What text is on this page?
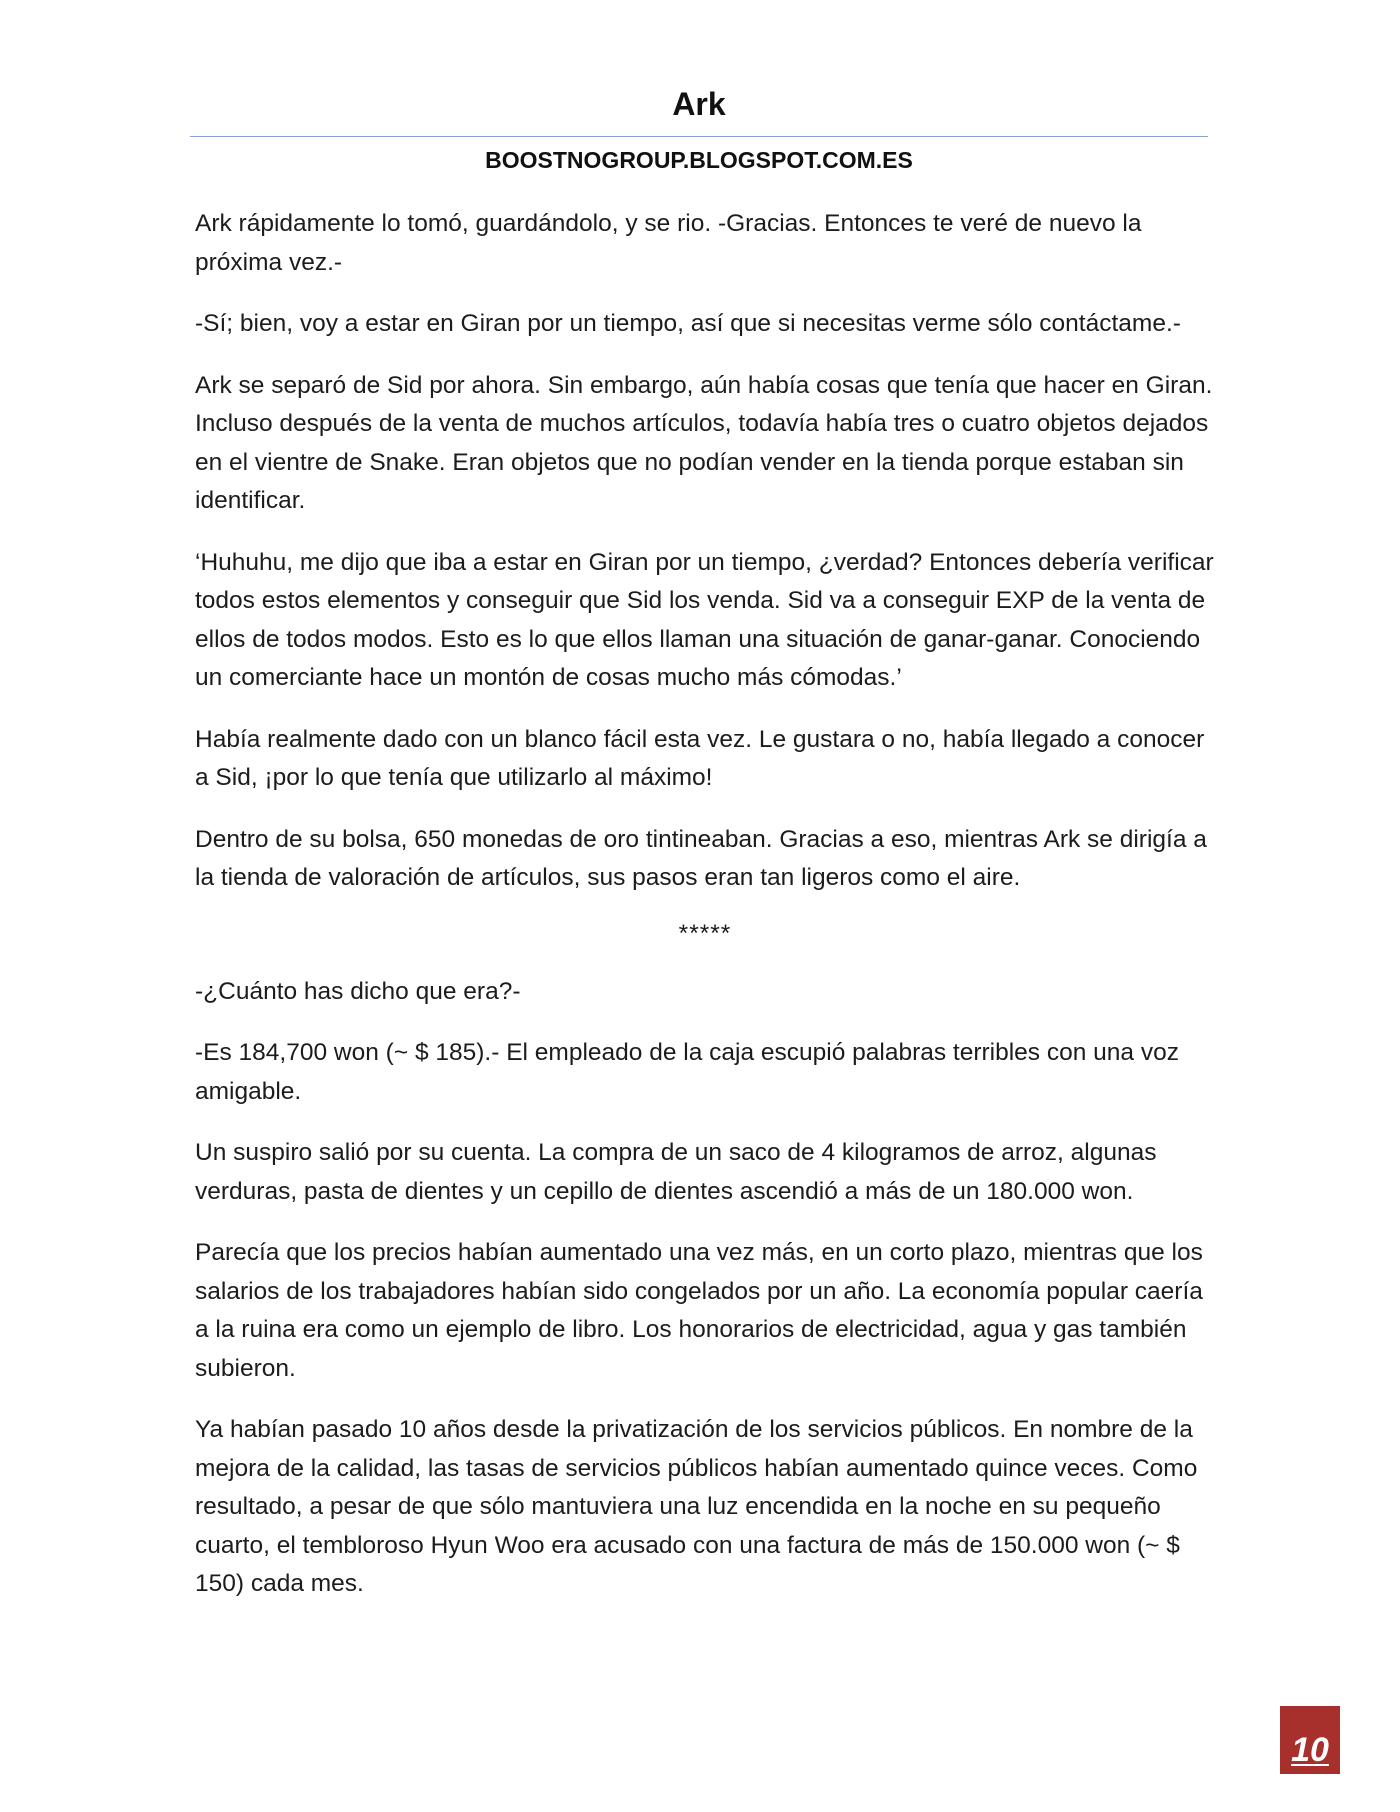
Ark
BOOSTNOGROUP.BLOGSPOT.COM.ES

Ark rápidamente lo tomó, guardándolo, y se rio. -Gracias. Entonces te veré de nuevo la próxima vez.-

-Sí; bien, voy a estar en Giran por un tiempo, así que si necesitas verme sólo contáctame.-

Ark se separó de Sid por ahora. Sin embargo, aún había cosas que tenía que hacer en Giran. Incluso después de la venta de muchos artículos, todavía había tres o cuatro objetos dejados en el vientre de Snake. Eran objetos que no podían vender en la tienda porque estaban sin identificar.

‘Huhuhu, me dijo que iba a estar en Giran por un tiempo, ¿verdad? Entonces debería verificar todos estos elementos y conseguir que Sid los venda. Sid va a conseguir EXP de la venta de ellos de todos modos. Esto es lo que ellos llaman una situación de ganar-ganar. Conociendo un comerciante hace un montón de cosas mucho más cómodas.’

Había realmente dado con un blanco fácil esta vez. Le gustara o no, había llegado a conocer a Sid, ¡por lo que tenía que utilizarlo al máximo!

Dentro de su bolsa, 650 monedas de oro tintineaban. Gracias a eso, mientras Ark se dirigía a la tienda de valoración de artículos, sus pasos eran tan ligeros como el aire.

*****

-¿Cuánto has dicho que era?-

-Es 184,700 won (~ $ 185).- El empleado de la caja escupió palabras terribles con una voz amigable.

Un suspiro salió por su cuenta. La compra de un saco de 4 kilogramos de arroz, algunas verduras, pasta de dientes y un cepillo de dientes ascendió a más de un 180.000 won.

Parecía que los precios habían aumentado una vez más, en un corto plazo, mientras que los salarios de los trabajadores habían sido congelados por un año. La economía popular caería a la ruina era como un ejemplo de libro. Los honorarios de electricidad, agua y gas también subieron.

Ya habían pasado 10 años desde la privatización de los servicios públicos. En nombre de la mejora de la calidad, las tasas de servicios públicos habían aumentado quince veces. Como resultado, a pesar de que sólo mantuviera una luz encendida en la noche en su pequeño cuarto, el tembloroso Hyun Woo era acusado con una factura de más de 150.000 won (~ $ 150) cada mes.

10
